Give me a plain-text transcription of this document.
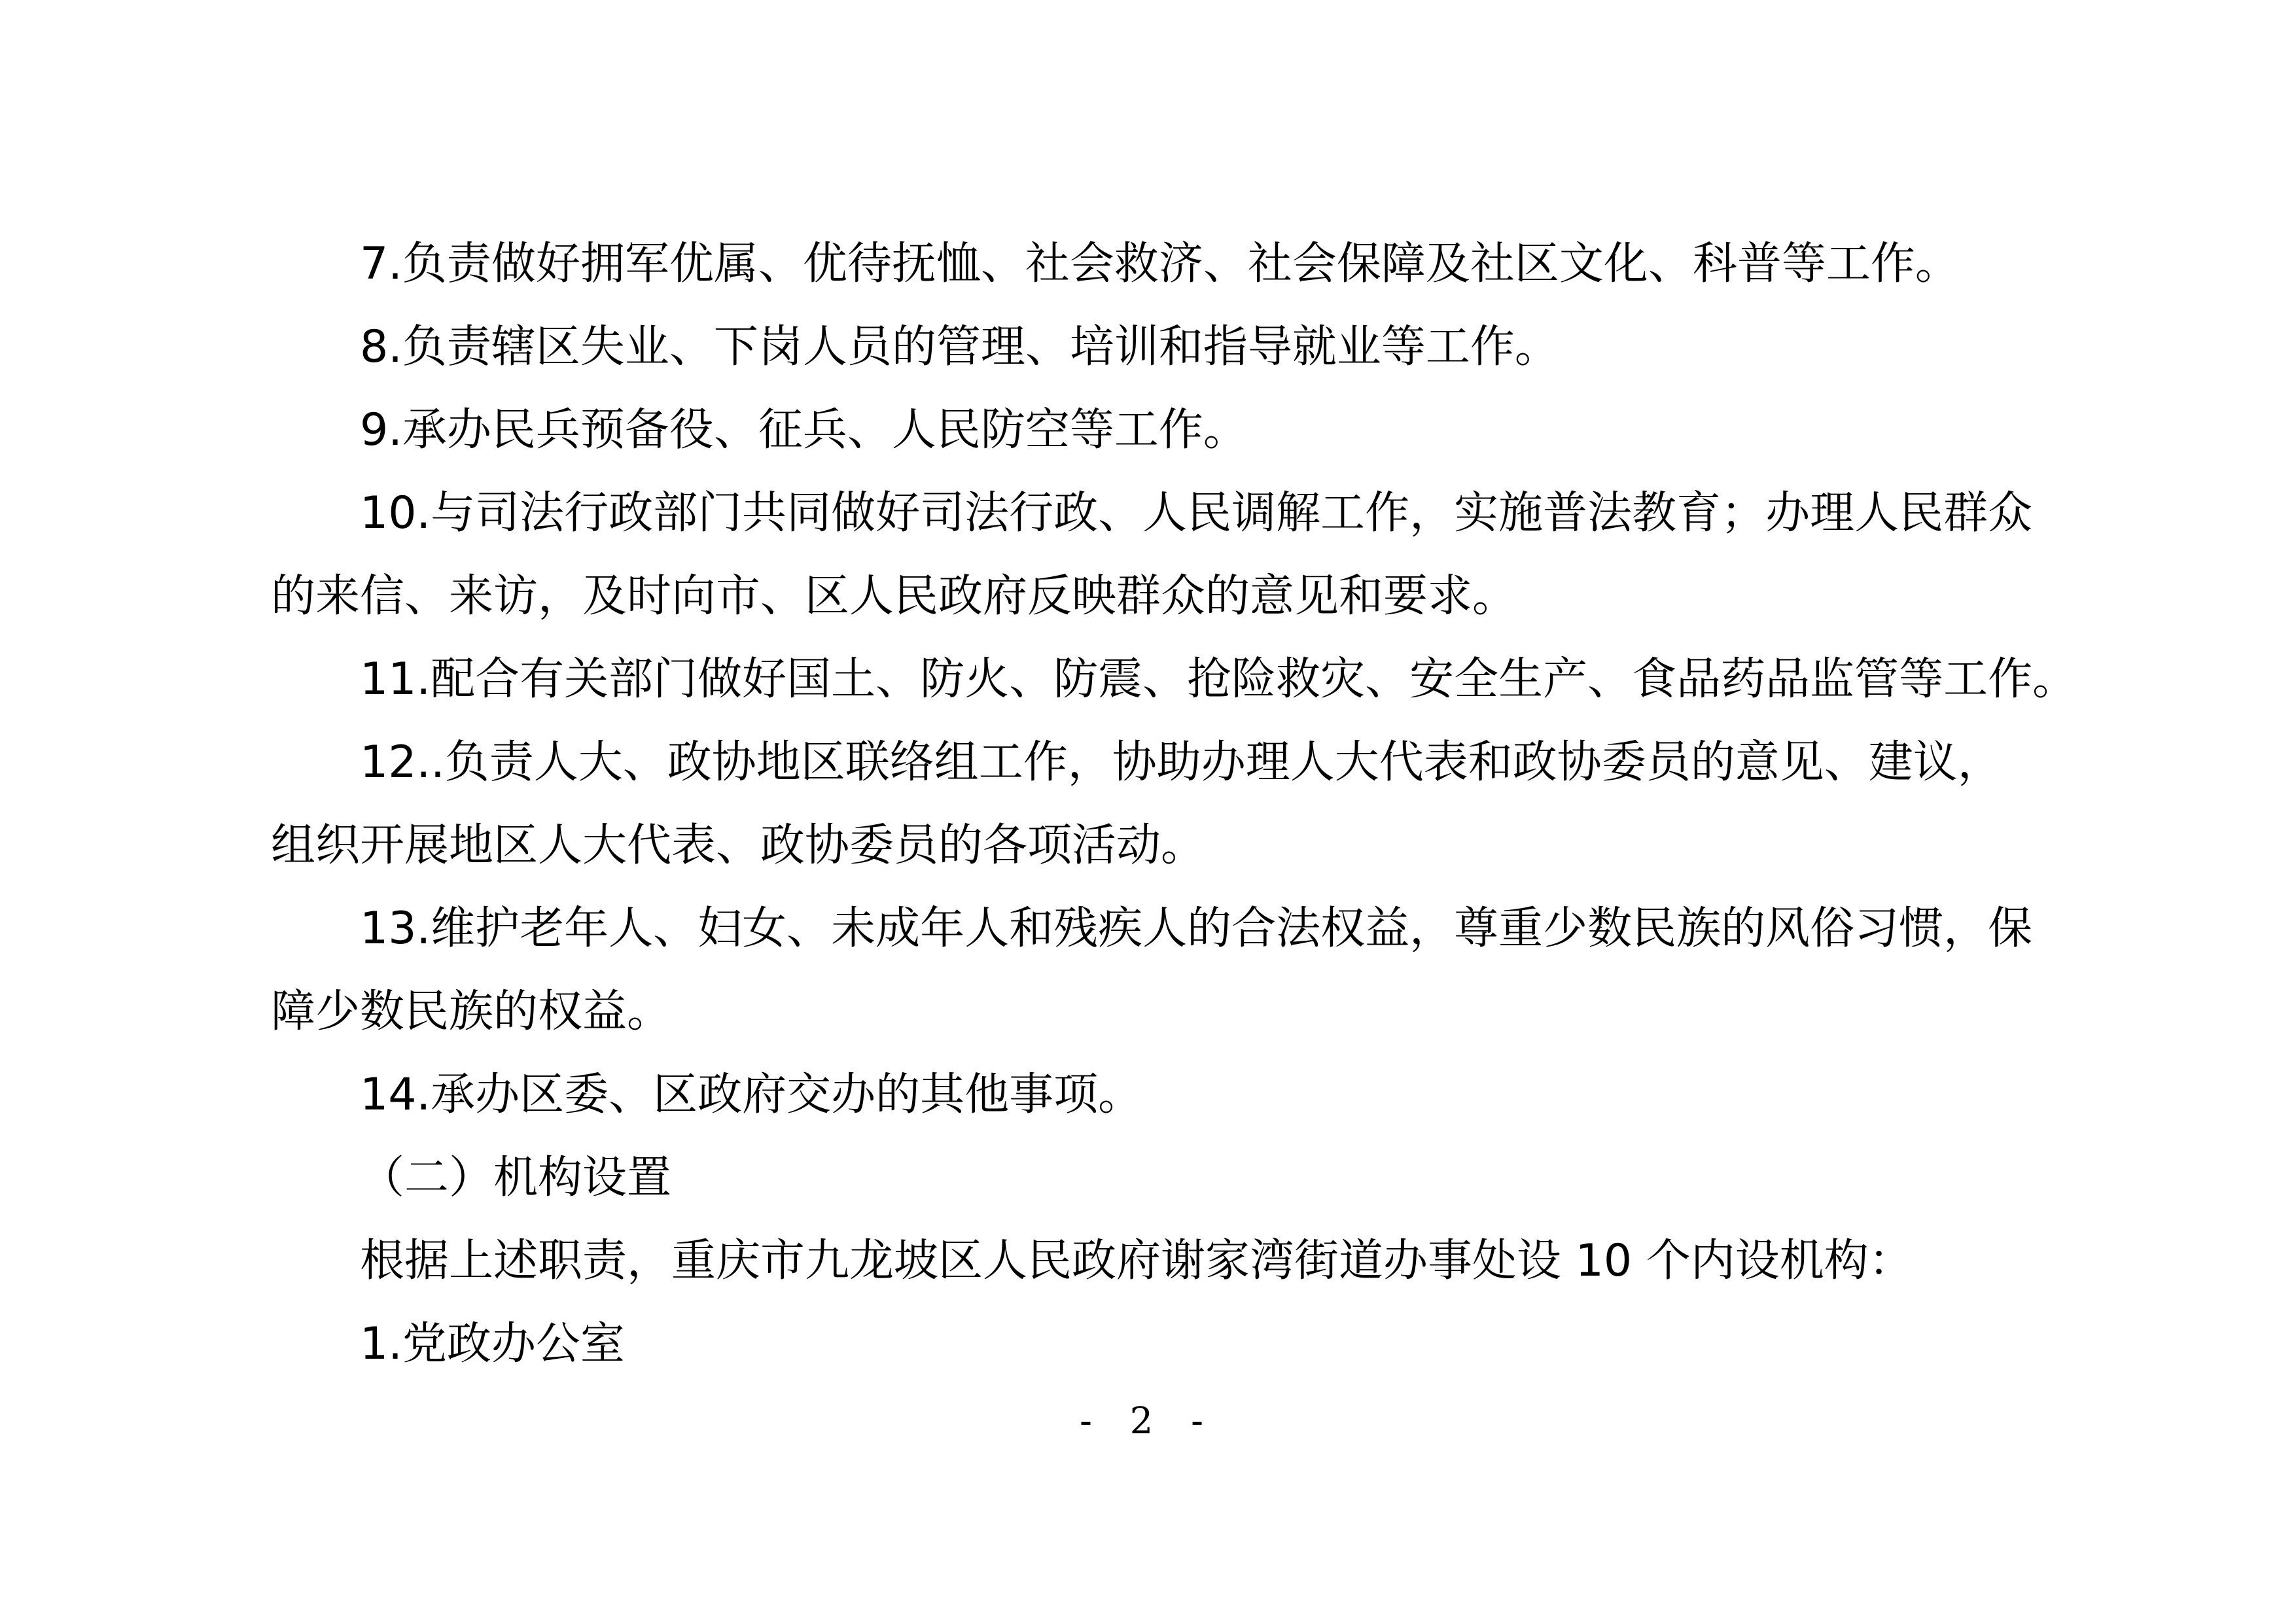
7.负责做好拥军优属、优待抚恤、社会救济、社会保障及社区文化、科普等工作。

8.负责辖区失业、下岗人员的管理、培训和指导就业等工作。

9.承办民兵预备役、征兵、人民防空等工作。

10.与司法行政部门共同做好司法行政、人民调解工作，实施普法教育；办理人民群众的来信、来访，及时向市、区人民政府反映群众的意见和要求。

11.配合有关部门做好国土、防火、防震、抢险救灾、安全生产、食品药品监管等工作。

12..负责人大、政协地区联络组工作，协助办理人大代表和政协委员的意见、建议，组织开展地区人大代表、政协委员的各项活动。

13.维护老年人、妇女、未成年人和残疾人的合法权益，尊重少数民族的风俗习惯，保障少数民族的权益。

14.承办区委、区政府交办的其他事项。

（二）机构设置

根据上述职责，重庆市九龙坡区人民政府谢家湾街道办事处设 10 个内设机构：

1.党政办公室

- 2 -
